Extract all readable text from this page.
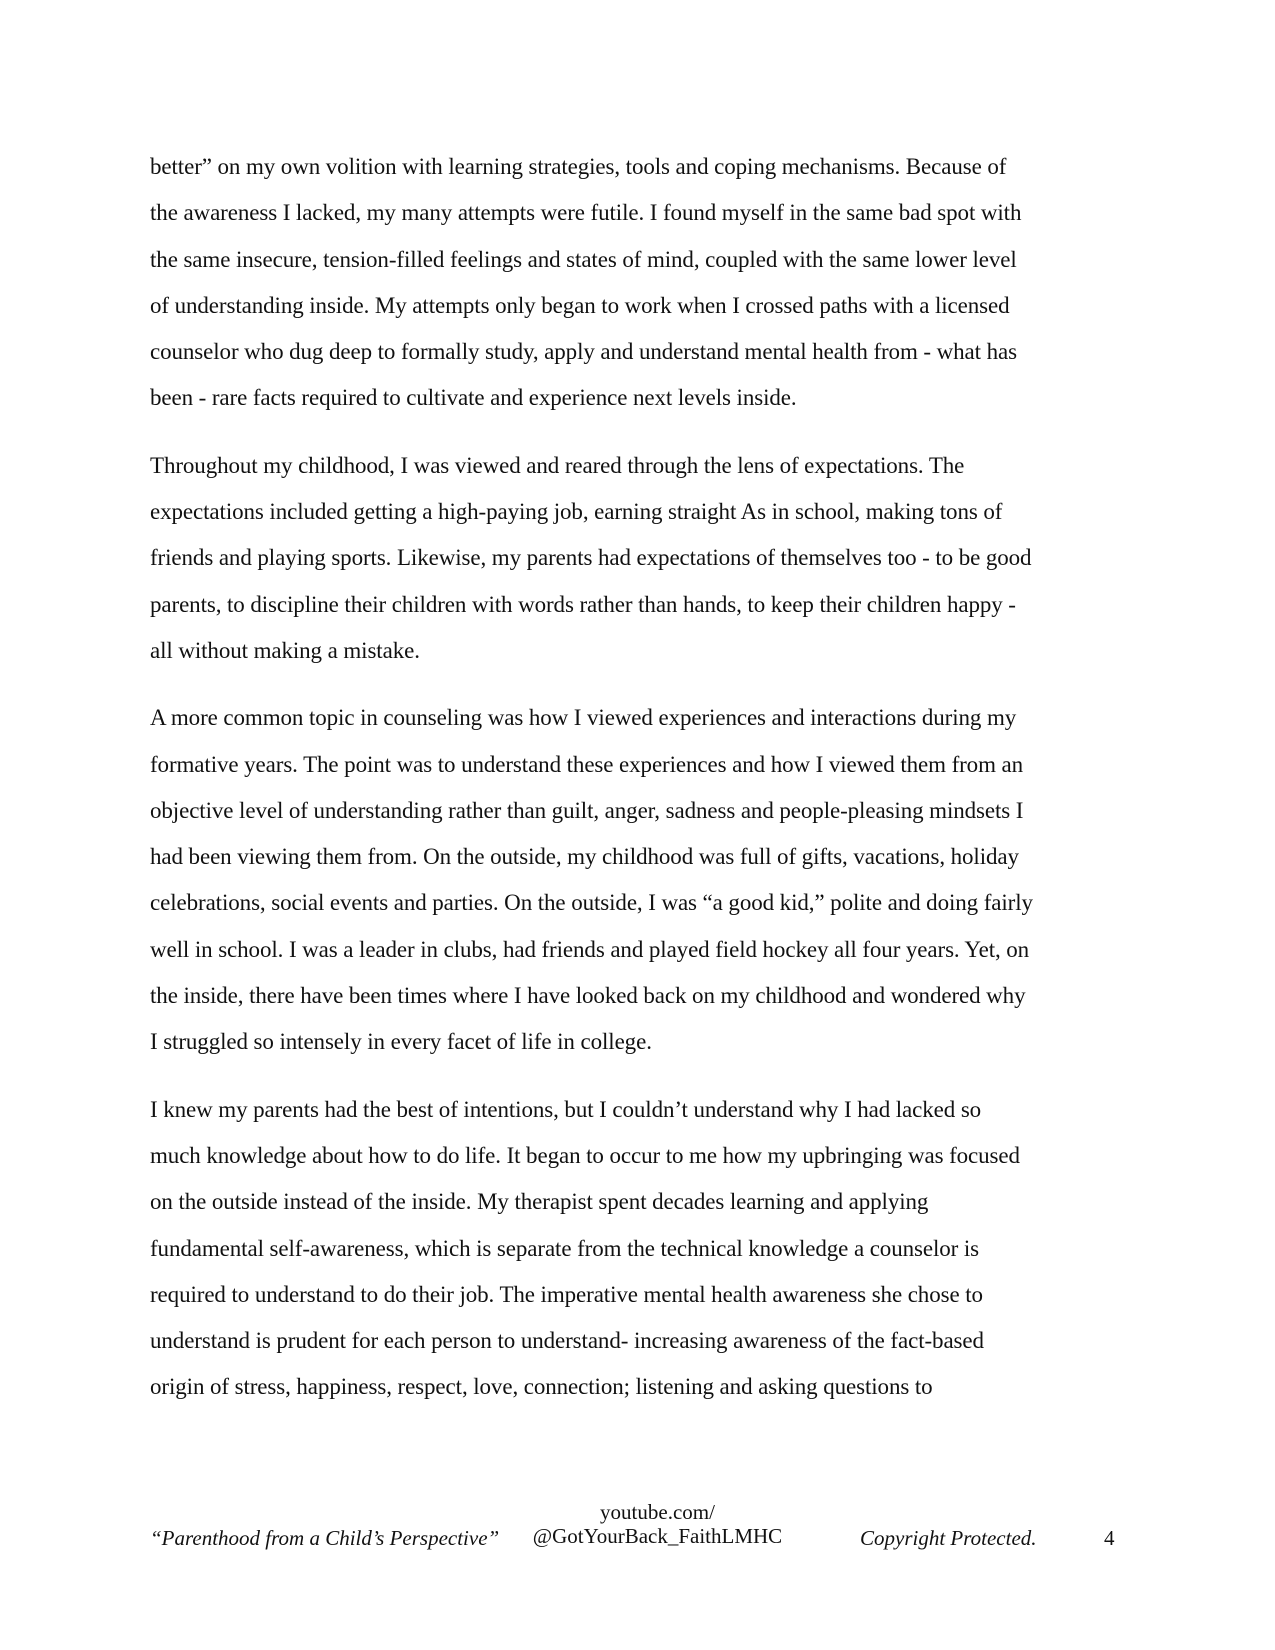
better” on my own volition with learning strategies, tools and coping mechanisms. Because of
the awareness I lacked, my many attempts were futile. I found myself in the same bad spot with
the same insecure, tension-filled feelings and states of mind, coupled with the same lower level
of understanding inside. My attempts only began to work when I crossed paths with a licensed
counselor who dug deep to formally study, apply and understand mental health from - what has
been - rare facts required to cultivate and experience next levels inside.

Throughout my childhood, I was viewed and reared through the lens of expectations. The
expectations included getting a high-paying job, earning straight As in school, making tons of
friends and playing sports. Likewise, my parents had expectations of themselves too - to be good
parents, to discipline their children with words rather than hands, to keep their children happy -
all without making a mistake.

A more common topic in counseling was how I viewed experiences and interactions during my
formative years. The point was to understand these experiences and how I viewed them from an
objective level of understanding rather than guilt, anger, sadness and people-pleasing mindsets I
had been viewing them from. On the outside, my childhood was full of gifts, vacations, holiday
celebrations, social events and parties. On the outside, I was “a good kid,” polite and doing fairly
well in school. I was a leader in clubs, had friends and played field hockey all four years. Yet, on
the inside, there have been times where I have looked back on my childhood and wondered why
I struggled so intensely in every facet of life in college.

I knew my parents had the best of intentions, but I couldn’t understand why I had lacked so
much knowledge about how to do life. It began to occur to me how my upbringing was focused
on the outside instead of the inside. My therapist spent decades learning and applying
fundamental self-awareness, which is separate from the technical knowledge a counselor is
required to understand to do their job. The imperative mental health awareness she chose to
understand is prudent for each person to understand- increasing awareness of the fact-based
origin of stress, happiness, respect, love, connection; listening and asking questions to

“Parenthood from a Child’s Perspective”
youtube.com/
@GotYourBack_FaithLMHC	Copyright Protected.	4
